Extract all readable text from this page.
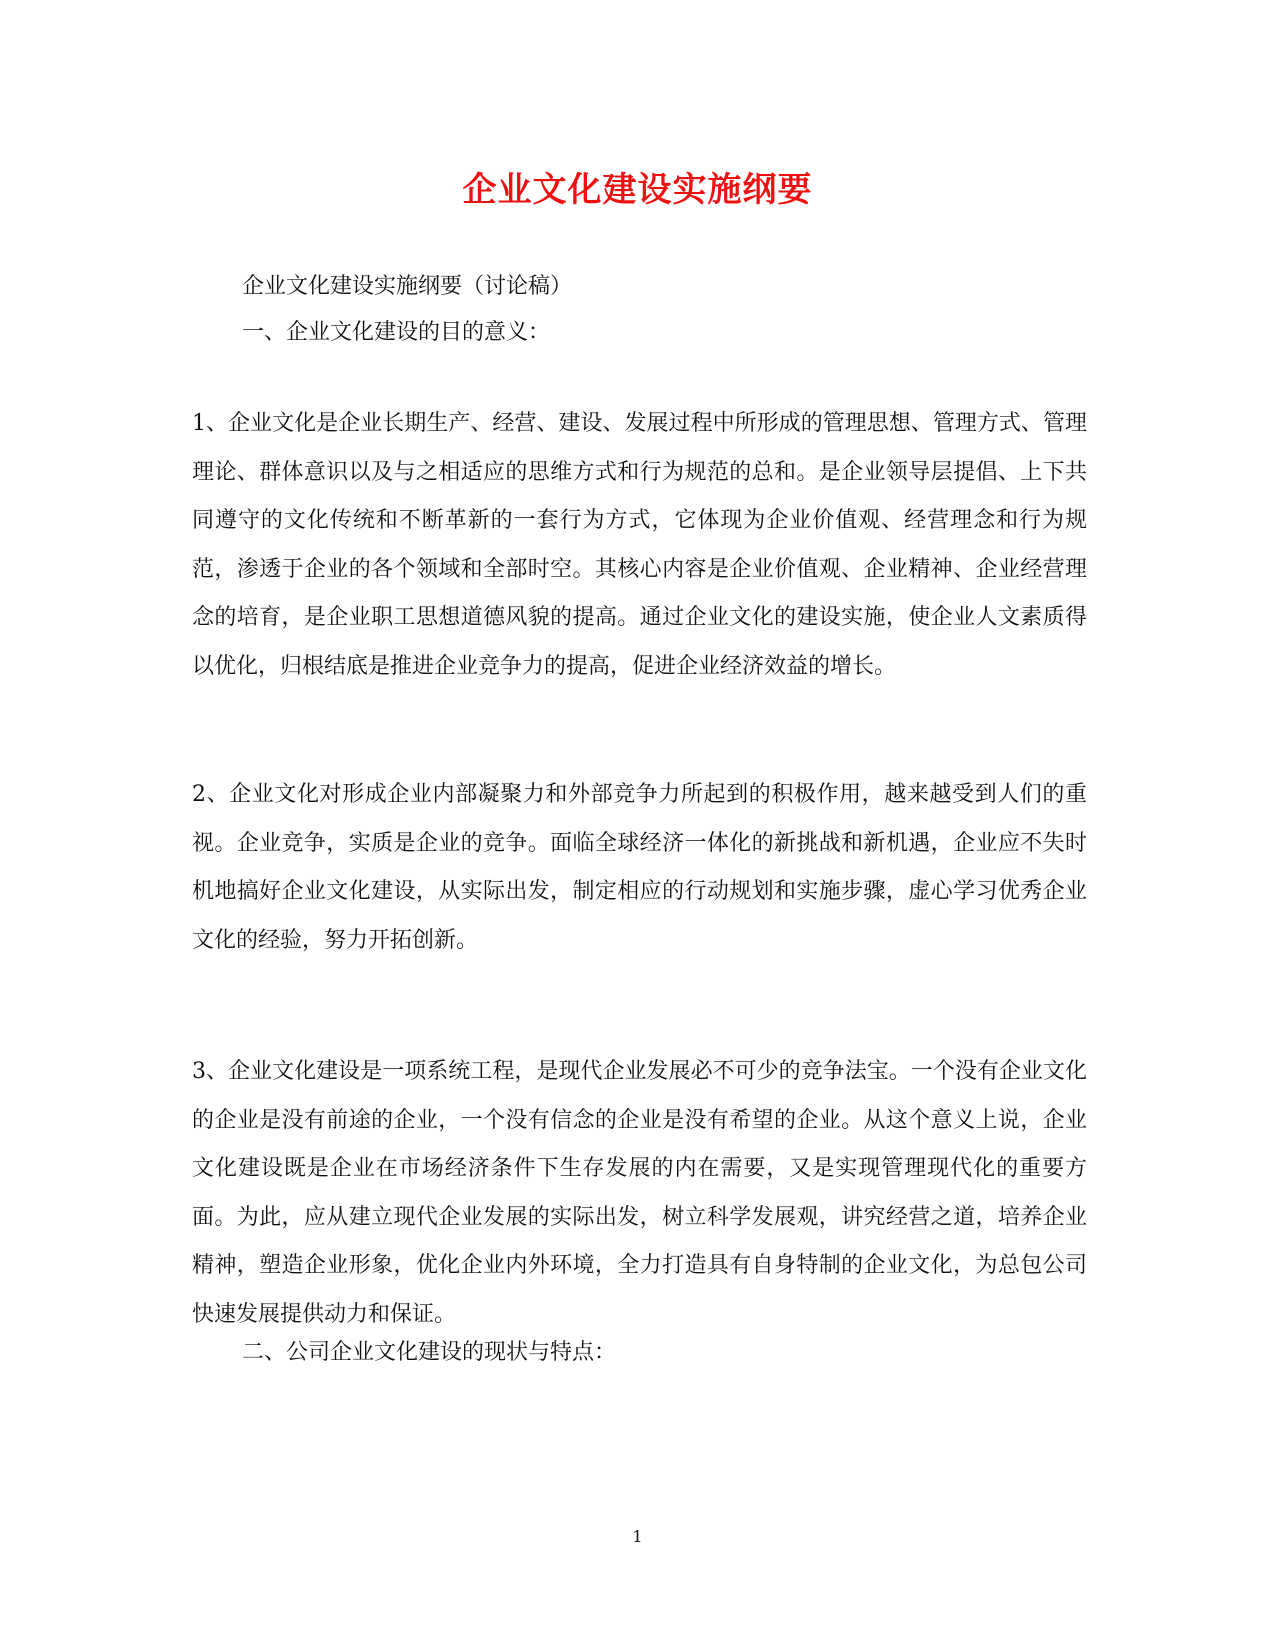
企业文化建设实施纲要
企业文化建设实施纲要（讨论稿）
一、企业文化建设的目的意义：

1、企业文化是企业长期生产、经营、建设、发展过程中所形成的管理思想、管理方式、管理理论、群体意识以及与之相适应的思维方式和行为规范的总和。是企业领导层提倡、上下共同遵守的文化传统和不断革新的一套行为方式，它体现为企业价值观、经营理念和行为规范，渗透于企业的各个领域和全部时空。其核心内容是企业价值观、企业精神、企业经营理念的培育，是企业职工思想道德风貌的提高。通过企业文化的建设实施，使企业人文素质得以优化，归根结底是推进企业竞争力的提高，促进企业经济效益的增长。

2、企业文化对形成企业内部凝聚力和外部竞争力所起到的积极作用，越来越受到人们的重视。企业竞争，实质是企业的竞争。面临全球经济一体化的新挑战和新机遇，企业应不失时机地搞好企业文化建设，从实际出发，制定相应的行动规划和实施步骤，虚心学习优秀企业文化的经验，努力开拓创新。

3、企业文化建设是一项系统工程，是现代企业发展必不可少的竞争法宝。一个没有企业文化的企业是没有前途的企业，一个没有信念的企业是没有希望的企业。从这个意义上说，企业文化建设既是企业在市场经济条件下生存发展的内在需要，又是实现管理现代化的重要方面。为此，应从建立现代企业发展的实际出发，树立科学发展观，讲究经营之道，培养企业精神，塑造企业形象，优化企业内外环境，全力打造具有自身特制的企业文化，为总包公司快速发展提供动力和保证。

二、公司企业文化建设的现状与特点：
1
